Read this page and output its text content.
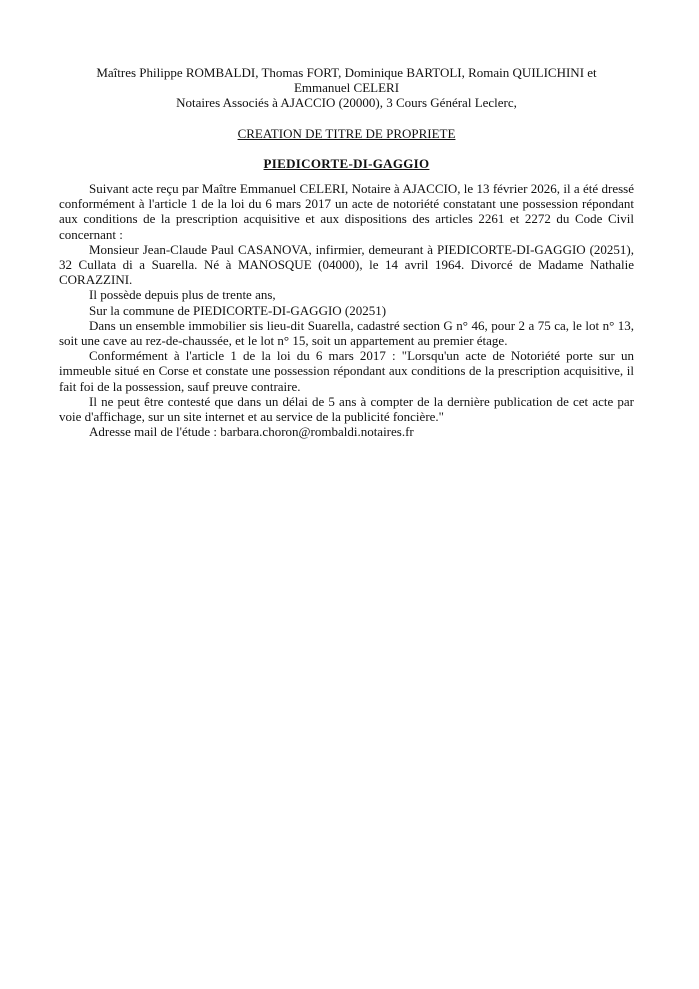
Maîtres Philippe ROMBALDI, Thomas FORT, Dominique BARTOLI, Romain QUILICHINI et
Emmanuel CELERI
Notaires Associés à AJACCIO (20000), 3 Cours Général Leclerc,
CREATION DE TITRE DE PROPRIETE
PIEDICORTE-DI-GAGGIO

Suivant acte reçu par Maître Emmanuel CELERI, Notaire à AJACCIO, le 13 février 2026, il a été dressé conformément à l'article 1 de la loi du 6 mars 2017 un acte de notoriété constatant une possession répondant aux conditions de la prescription acquisitive et aux dispositions des articles 2261 et 2272 du Code Civil concernant :

Monsieur Jean-Claude Paul CASANOVA, infirmier, demeurant à PIEDICORTE-DI-GAGGIO (20251), 32 Cullata di a Suarella. Né à MANOSQUE (04000), le 14 avril 1964. Divorcé de Madame Nathalie CORAZZINI.

Il possède depuis plus de trente ans,

Sur la commune de PIEDICORTE-DI-GAGGIO (20251)

Dans un ensemble immobilier sis lieu-dit Suarella, cadastré section G n° 46, pour 2 a 75 ca, le lot n° 13, soit une cave au rez-de-chaussée, et le lot n° 15, soit un appartement au premier étage.

Conformément à l'article 1 de la loi du 6 mars 2017 : "Lorsqu'un acte de Notoriété porte sur un immeuble situé en Corse et constate une possession répondant aux conditions de la prescription acquisitive, il fait foi de la possession, sauf preuve contraire.

Il ne peut être contesté que dans un délai de 5 ans à compter de la dernière publication de cet acte par voie d'affichage, sur un site internet et au service de la publicité foncière."

Adresse mail de l'étude : barbara.choron@rombaldi.notaires.fr
